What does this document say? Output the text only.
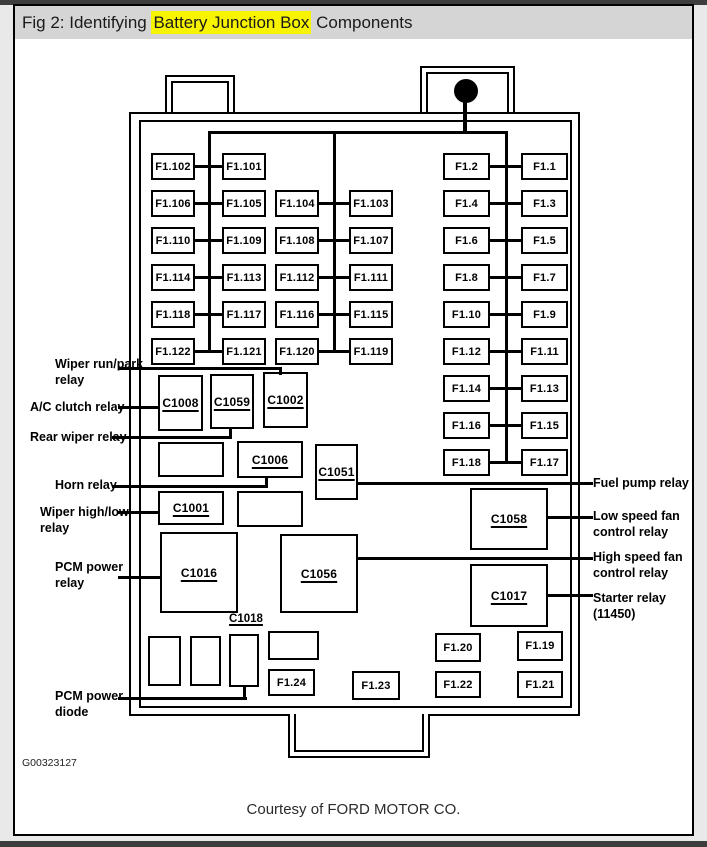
Fig 2: Identifying Battery Junction Box Components
F1.102	F1.101
F1.106	F1.105	F1.104	F1.103
F1.110	F1.109	F1.108	F1.107
F1.114	F1.113	F1.112	F1.111
F1.118	F1.117	F1.116	F1.115
F1.122	F1.121	F1.120	F1.119
F1.2	F1.1
F1.4	F1.3
F1.6	F1.5
F1.8	F1.7
F1.10	F1.9
F1.12	F1.11
F1.14	F1.13
F1.16	F1.15
F1.18	F1.17
C1008	C1059	C1002
C1006
C1051
C1001
C1016	C1056
C1058
C1017
C1018
F1.20	F1.19
F1.24	F1.23	F1.22	F1.21
Wiper run/park
relay
A/C clutch relay
Rear wiper relay
Horn relay
Wiper high/low
relay
PCM power
relay
PCM power
diode
Fuel pump relay
Low speed fan
control relay
High speed fan
control relay
Starter relay
(11450)
G00323127
Courtesy of FORD MOTOR CO.
